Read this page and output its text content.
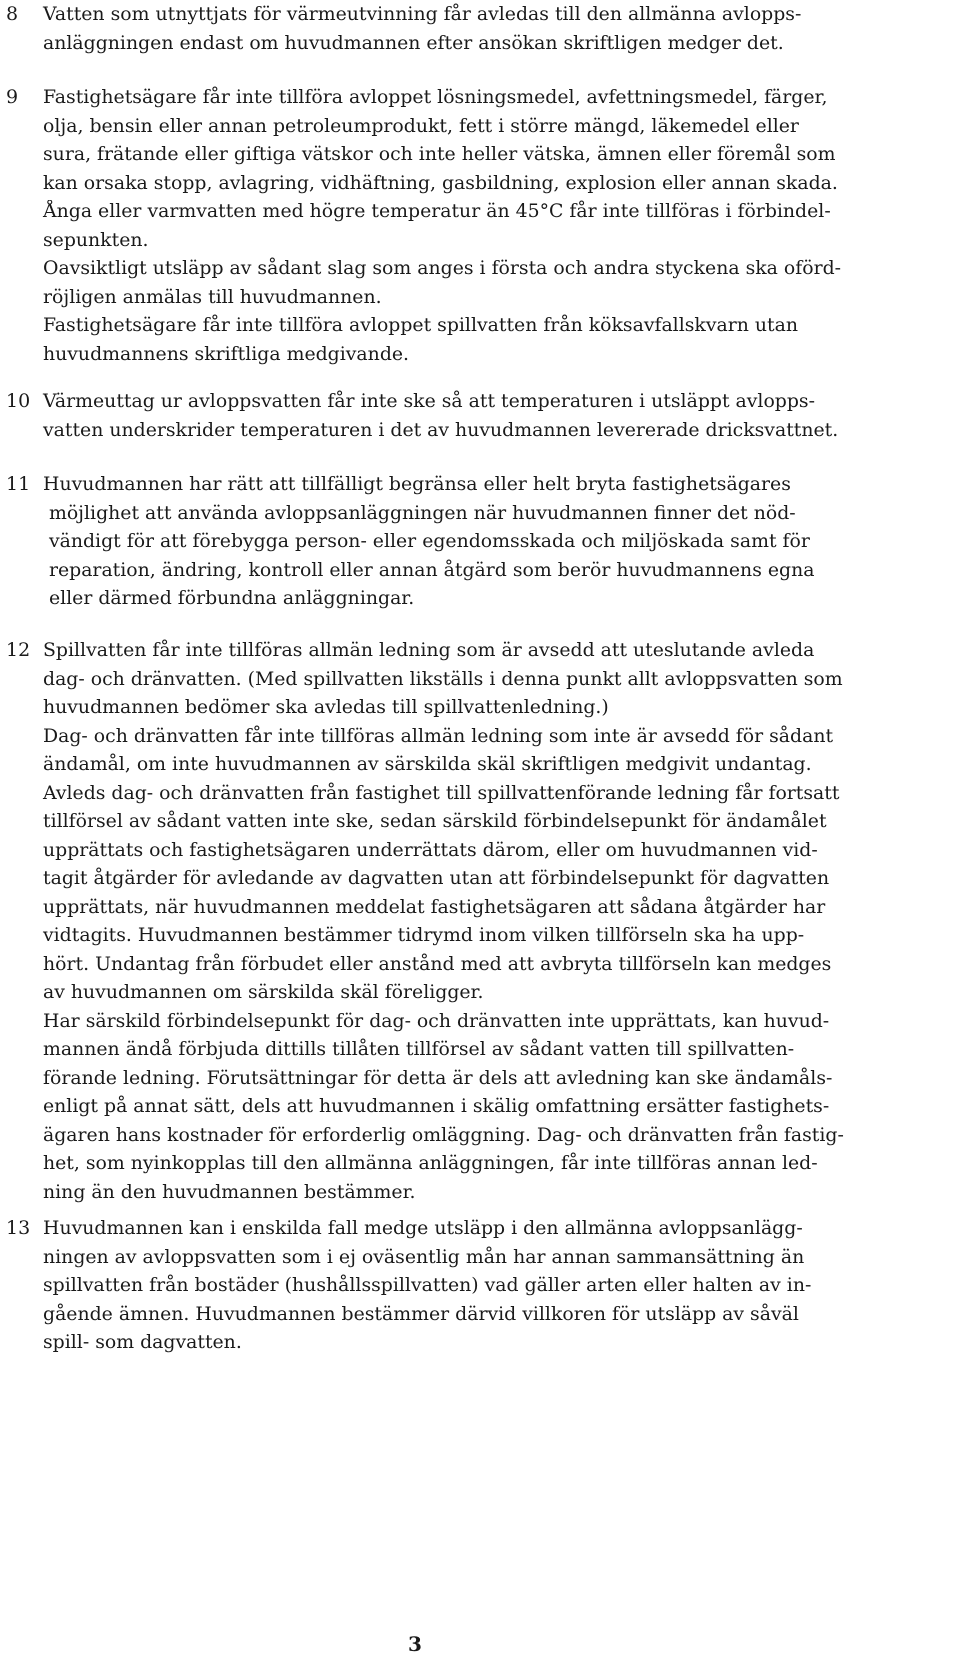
8	Vatten som utnyttjats för värmeutvinning får avledas till den allmänna avlopps-
anläggningen endast om huvudmannen efter ansökan skriftligen medger det.
9	Fastighetsägare får inte tillföra avloppet lösningsmedel, avfettningsmedel, färger,
olja, bensin eller annan petroleumprodukt, fett i större mängd, läkemedel eller
sura, frätande eller giftiga vätskor och inte heller vätska, ämnen eller föremål som
kan orsaka stopp, avlagring, vidhäftning, gasbildning, explosion eller annan skada.
Ånga eller varmvatten med högre temperatur än 45°C får inte tillföras i förbindel-
sepunkten.
Oavsiktligt utsläpp av sådant slag som anges i första och andra styckena ska oförd-
röjligen anmälas till huvudmannen.
Fastighetsägare får inte tillföra avloppet spillvatten från köksavfallskvarn utan
huvudmannens skriftliga medgivande.
10 Värmeuttag ur avloppsvatten får inte ske så att temperaturen i utsläppt avlopps-
vatten underskrider temperaturen i det av huvudmannen levererade dricksvattnet.
11 Huvudmannen har rätt att tillfälligt begränsa eller helt bryta fastighetsägares
möjlighet att använda avloppsanläggningen när huvudmannen finner det nöd-
vändigt för att förebygga person- eller egendomsskada och miljöskada samt för
reparation, ändring, kontroll eller annan åtgärd som berör huvudmannens egna
eller därmed förbundna anläggningar.
12 Spillvatten får inte tillföras allmän ledning som är avsedd att uteslutande avleda
dag- och dränvatten. (Med spillvatten likställs i denna punkt allt avloppsvatten som
huvudmannen bedömer ska avledas till spillvattenledning.)
Dag- och dränvatten får inte tillföras allmän ledning som inte är avsedd för sådant
ändamål, om inte huvudmannen av särskilda skäl skriftligen medgivit undantag.
Avleds dag- och dränvatten från fastighet till spillvattenförande ledning får fortsatt
tillförsel av sådant vatten inte ske, sedan särskild förbindelsepunkt för ändamålet
upprättats och fastighetsägaren underrättats därom, eller om huvudmannen vid-
tagit åtgärder för avledande av dagvatten utan att förbindelsepunkt för dagvatten
upprättats, när huvudmannen meddelat fastighetsägaren att sådana åtgärder har
vidtagits. Huvudmannen bestämmer tidrymd inom vilken tillförseln ska ha upp-
hört. Undantag från förbudet eller anstånd med att avbryta tillförseln kan medges
av huvudmannen om särskilda skäl föreligger.
Har särskild förbindelsepunkt för dag- och dränvatten inte upprättats, kan huvud-
mannen ändå förbjuda dittills tillåten tillförsel av sådant vatten till spillvatten-
förande ledning. Förutsättningar för detta är dels att avledning kan ske ändamåls-
enligt på annat sätt, dels att huvudmannen i skälig omfattning ersätter fastighets-
ägaren hans kostnader för erforderlig omläggning. Dag- och dränvatten från fastig-
het, som nyinkopplas till den allmänna anläggningen, får inte tillföras annan led-
ning än den huvudmannen bestämmer.
13 Huvudmannen kan i enskilda fall medge utsläpp i den allmänna avloppsanlägg-
ningen av avloppsvatten som i ej oväsentlig mån har annan sammansättning än
spillvatten från bostäder (hushållsspillvatten) vad gäller arten eller halten av in-
gående ämnen. Huvudmannen bestämmer därvid villkoren för utsläpp av såväl
spill- som dagvatten.
3
